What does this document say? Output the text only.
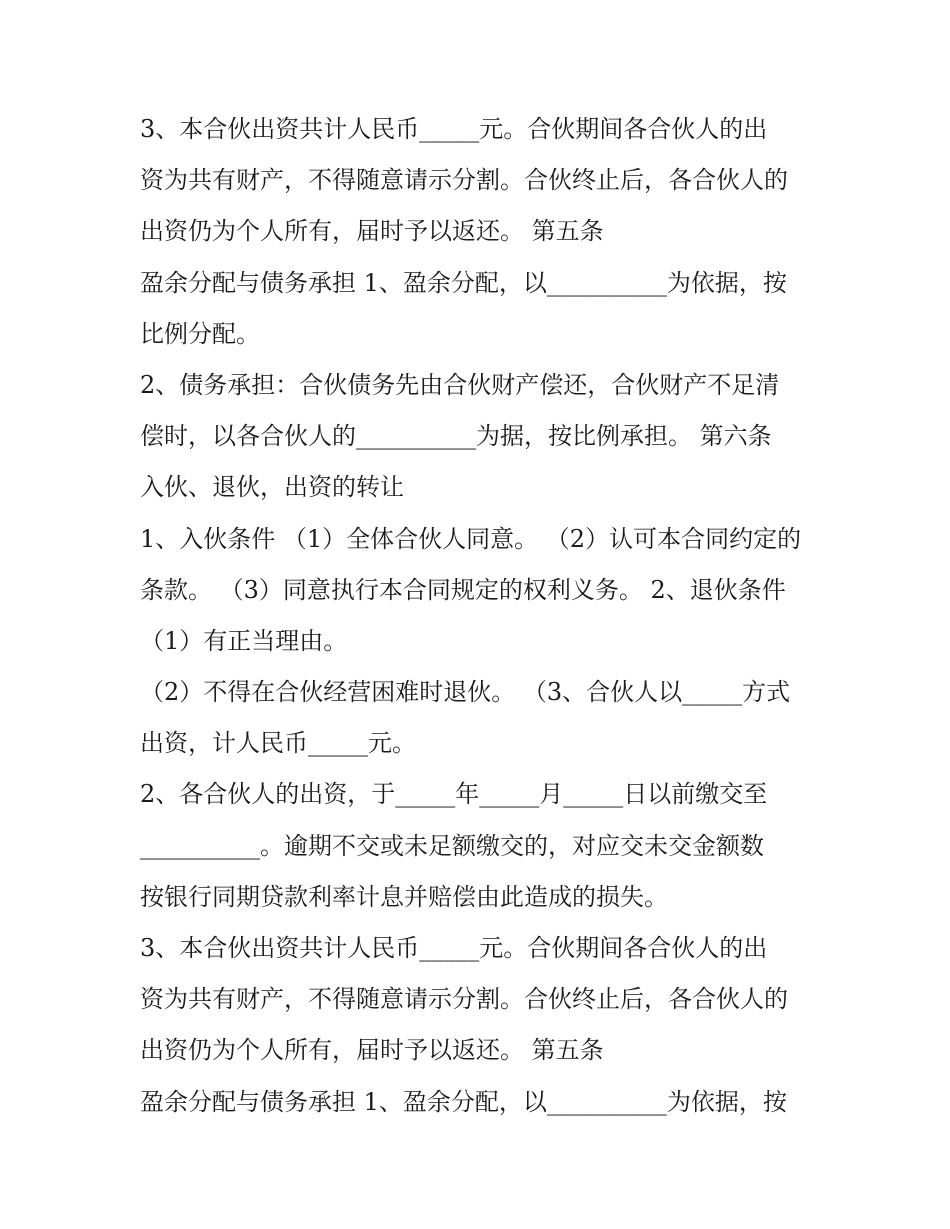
3、本合伙出资共计人民币_____元。合伙期间各合伙人的出
资为共有财产，不得随意请示分割。合伙终止后，各合伙人的
出资仍为个人所有，届时予以返还。 第五条
盈余分配与债务承担 1、盈余分配，以__________为依据，按
比例分配。
2、债务承担：合伙债务先由合伙财产偿还，合伙财产不足清
偿时，以各合伙人的__________为据，按比例承担。 第六条
入伙、退伙，出资的转让
1、入伙条件 （1）全体合伙人同意。 （2）认可本合同约定的
条款。 （3）同意执行本合同规定的权利义务。 2、退伙条件
（1）有正当理由。
（2）不得在合伙经营困难时退伙。 （3、合伙人以_____方式
出资，计人民币_____元。
2、各合伙人的出资，于_____年_____月_____日以前缴交至
__________。逾期不交或未足额缴交的，对应交未交金额数
按银行同期贷款利率计息并赔偿由此造成的损失。
3、本合伙出资共计人民币_____元。合伙期间各合伙人的出
资为共有财产，不得随意请示分割。合伙终止后，各合伙人的
出资仍为个人所有，届时予以返还。 第五条
盈余分配与债务承担 1、盈余分配，以__________为依据，按
